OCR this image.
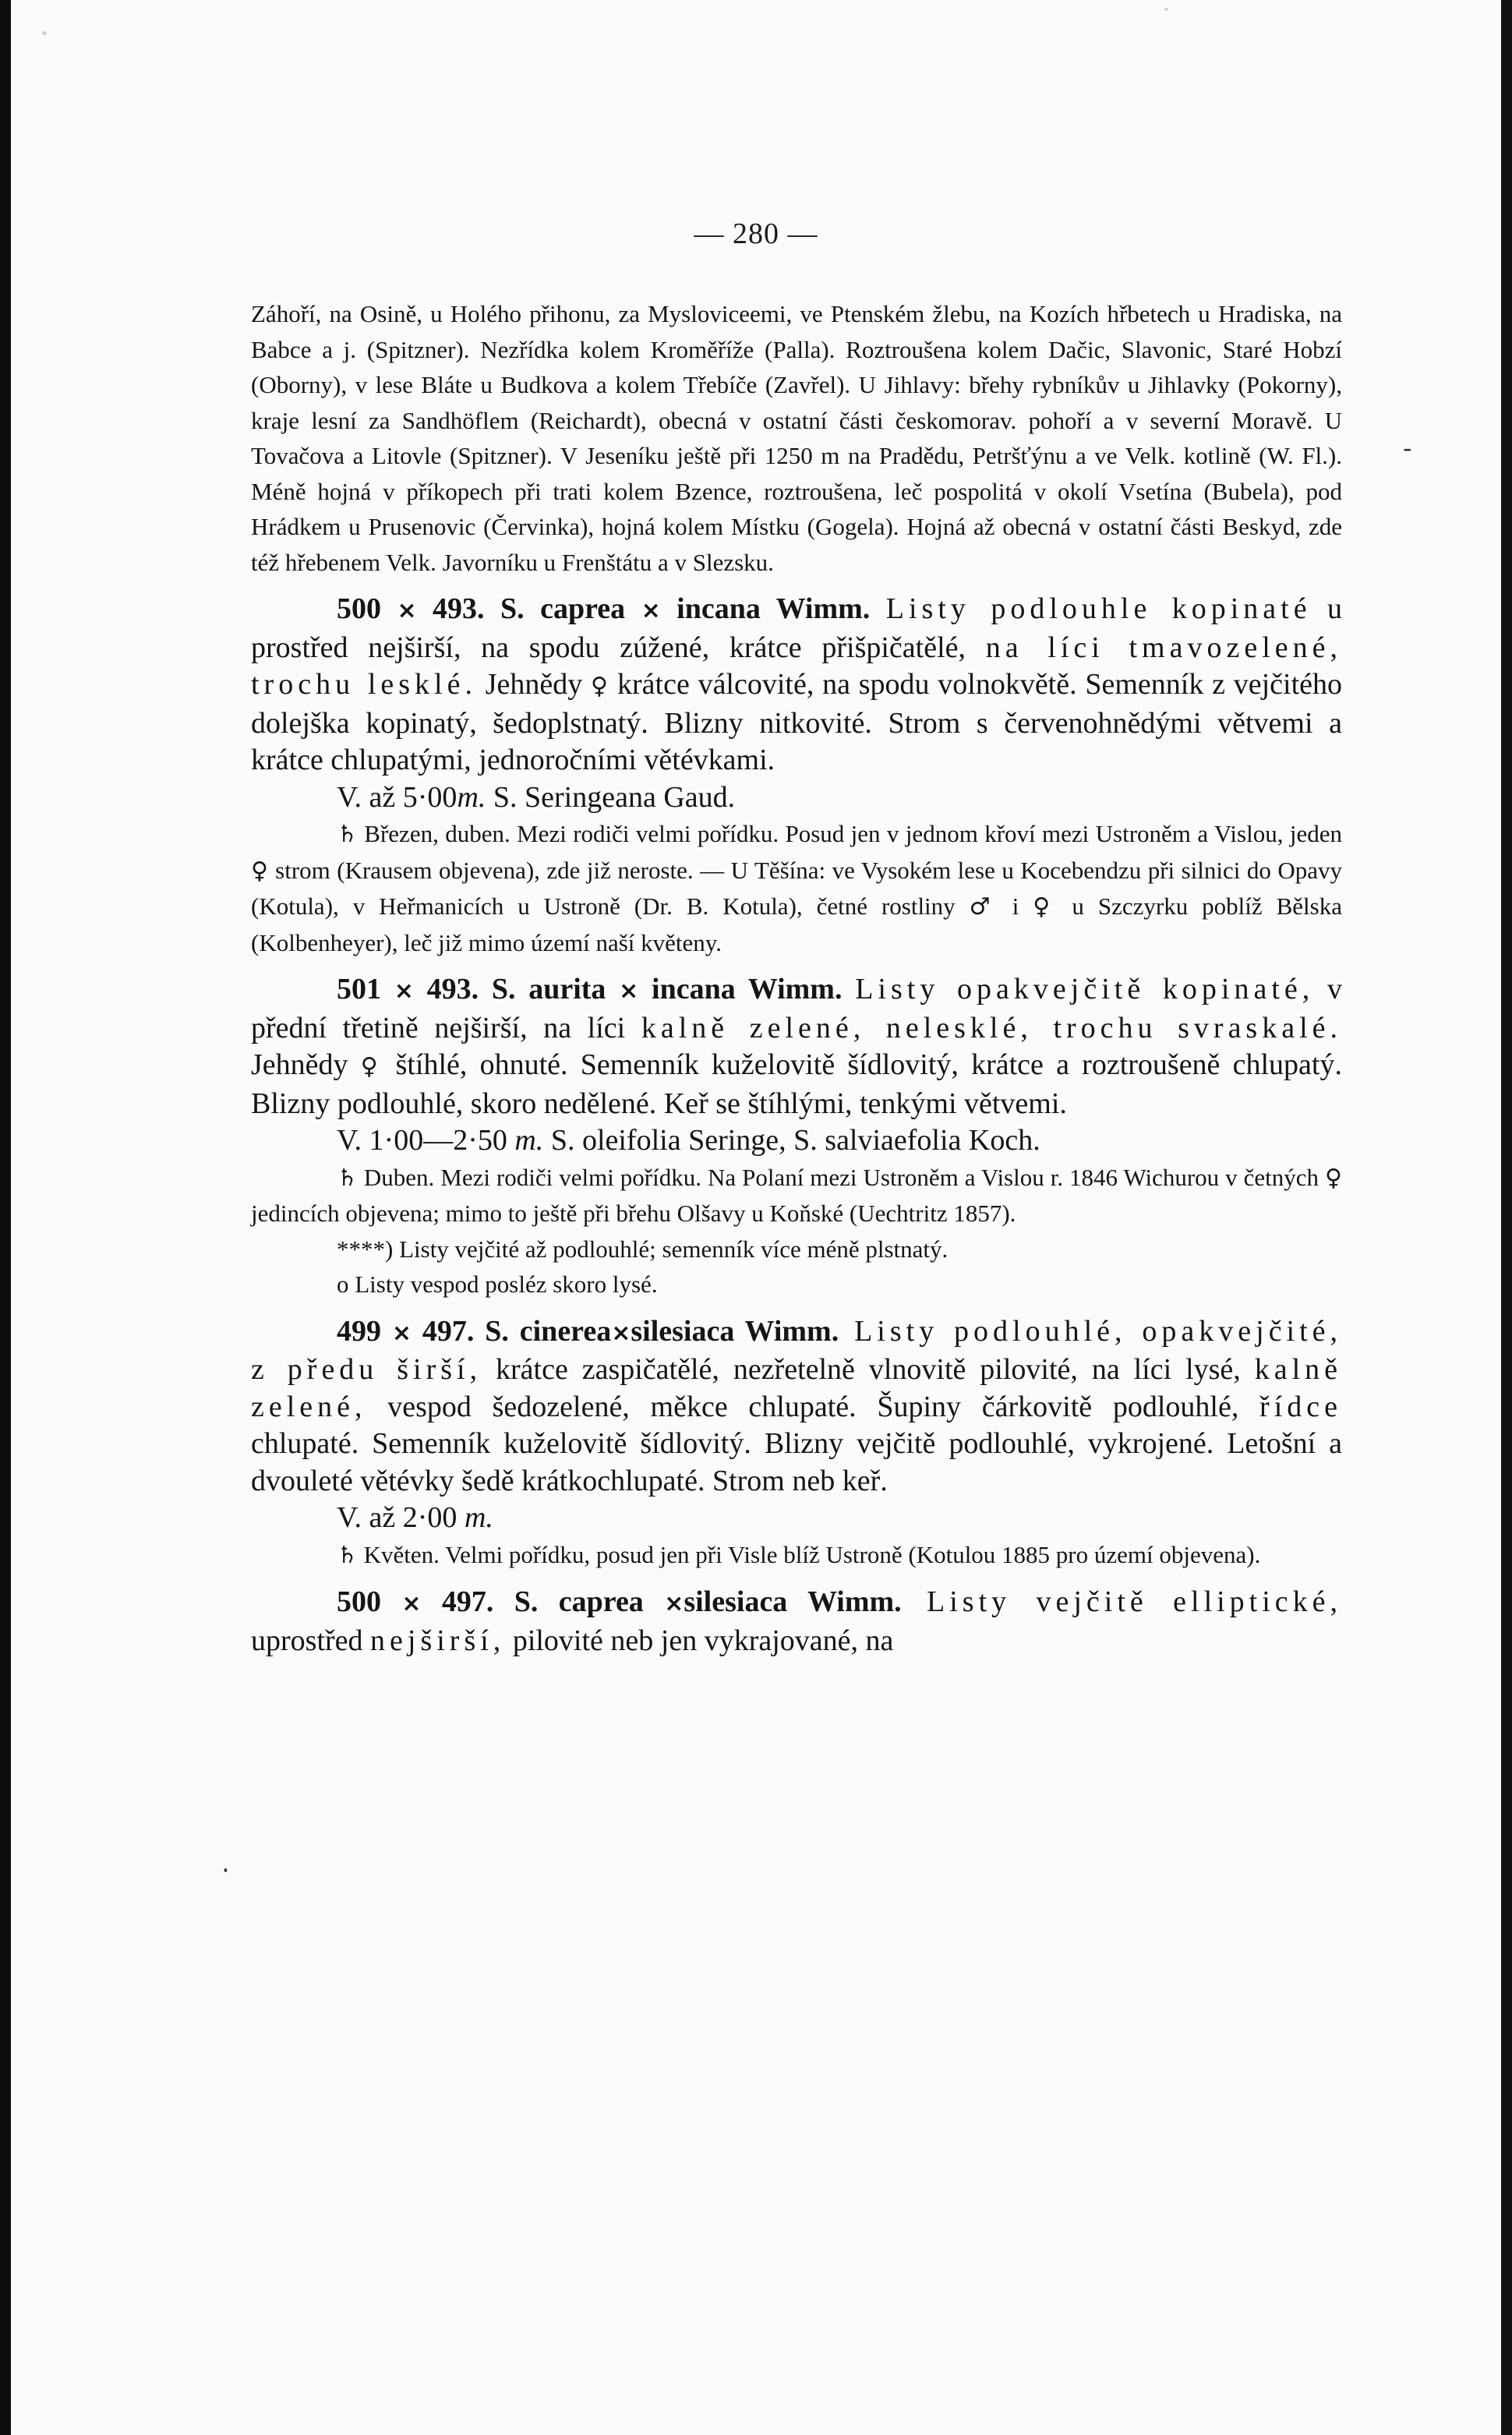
— 280 —
-
·

Záhoří, na Osině, u Holého přihonu, za Mysloviceemi, ve Ptenském žlebu, na Kozích hřbetech u Hradiska, na Babce a j. (Spitzner). Nezřídka kolem Kroměříže (Palla). Roztroušena kolem Dačic, Slavonic, Staré Hobzí (Oborny), v lese Bláte u Budkova a kolem Třebíče (Zavřel). U Jihlavy: břehy rybníkův u Jihlavky (Pokorny), kraje lesní za Sandhöflem (Reichardt), obecná v ostatní části českomorav. pohoří a v severní Moravě. U Tovačova a Litovle (Spitzner). V Jeseníku ještě při 1250 m na Pradědu, Petršťýnu a ve Velk. kotlině (W. Fl.). Méně hojná v příkopech při trati kolem Bzence, roztroušena, leč pospolitá v okolí Vsetína (Bubela), pod Hrádkem u Prusenovic (Červinka), hojná kolem Místku (Gogela). Hojná až obecná v ostatní části Beskyd, zde též hřebenem Velk. Javorníku u Frenštátu a v Slezsku.

500 × 493. S. caprea × incana Wimm. Listy podlouhle kopinaté u prostřed nejširší, na spodu zúžené, krátce přišpičatělé, na líci tmavozelené, trochu lesklé. Jehnědy ♀ krátce válcovité, na spodu volnokvětě. Semenník z vejčitého dolejška kopinatý, šedoplstnatý. Blizny nitkovité. Strom s červenohnědými větvemi a krátce chlupatými, jednoročními větévkami.

V. až 5·00m. S. Seringeana Gaud.

♄ Březen, duben. Mezi rodiči velmi pořídku. Posud jen v jednom křoví mezi Ustroněm a Vislou, jeden ♀ strom (Krausem objevena), zde již neroste. — U Těšína: ve Vysokém lese u Kocebendzu při silnici do Opavy (Kotula), v Heřmanicích u Ustroně (Dr. B. Kotula), četné rostliny ♂ i ♀ u Szczyrku poblíž Bělska (Kolbenheyer), leč již mimo území naší květeny.

501 × 493. S. aurita × incana Wimm. Listy opakvejčitě kopinaté, v přední třetině nejširší, na líci kalně zelené, nelesklé, trochu svraskalé. Jehnědy ♀ štíhlé, ohnuté. Semenník kuželovitě šídlovitý, krátce a roztroušeně chlupatý. Blizny podlouhlé, skoro nedělené. Keř se štíhlými, tenkými větvemi.

V. 1·00—2·50 m. S. oleifolia Seringe, S. salviaefolia Koch.

♄ Duben. Mezi rodiči velmi pořídku. Na Polaní mezi Ustroněm a Vislou r. 1846 Wichurou v četných ♀ jedincích objevena; mimo to ještě při břehu Olšavy u Koňské (Uechtritz 1857).

****) Listy vejčité až podlouhlé; semenník více méně plstnatý.

o Listy vespod posléz skoro lysé.

499 × 497. S. cinerea×silesiaca Wimm. Listy podlouhlé, opakvejčité, z předu širší, krátce zaspičatělé, nezřetelně vlnovitě pilovité, na líci lysé, kalně zelené, vespod šedozelené, měkce chlupaté. Šupiny čárkovitě podlouhlé, řídce chlupaté. Semenník kuželovitě šídlovitý. Blizny vejčitě podlouhlé, vykrojené. Letošní a dvouleté větévky šedě krátkochlupaté. Strom neb keř.

V. až 2·00 m.

♄ Květen. Velmi pořídku, posud jen při Visle blíž Ustroně (Kotulou 1885 pro území objevena).

500 × 497. S. caprea ×silesiaca Wimm. Listy vejčitě elliptické, uprostřed nejširší, pilovité neb jen vykrajované, na
